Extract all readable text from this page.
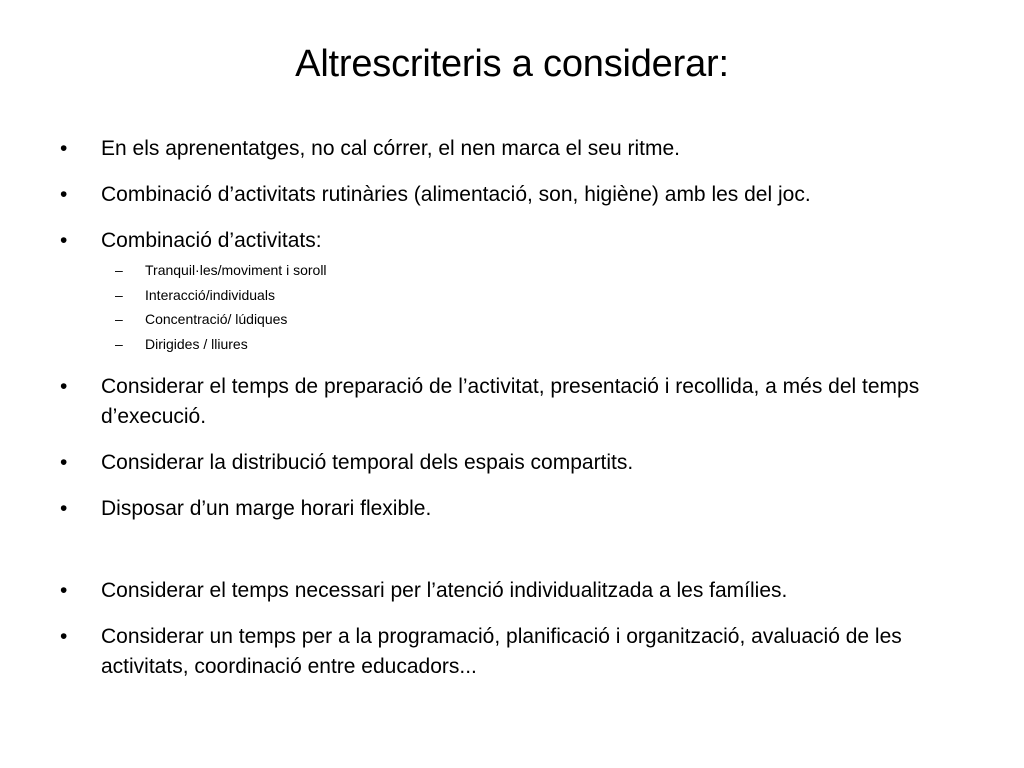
Altrescriteris a considerar:
•	En els aprenentatges, no cal córrer, el nen marca el seu ritme.
•	Combinació d’activitats rutinàries (alimentació, son, higiène) amb les del joc.
•	Combinació d’activitats:
–	Tranquil·les/moviment i soroll
–	Interacció/individuals
–	Concentració/ lúdiques
–	Dirigides / lliures
•	Considerar el temps de preparació de l’activitat, presentació i recollida, a més del temps d’execució.
•	Considerar la distribució temporal dels espais compartits.
•	Disposar d’un marge horari flexible.
•	Considerar el temps necessari per l’atenció individualitzada a les famílies.
•	Considerar un temps per a la programació, planificació i organització, avaluació de les activitats, coordinació entre educadors...
